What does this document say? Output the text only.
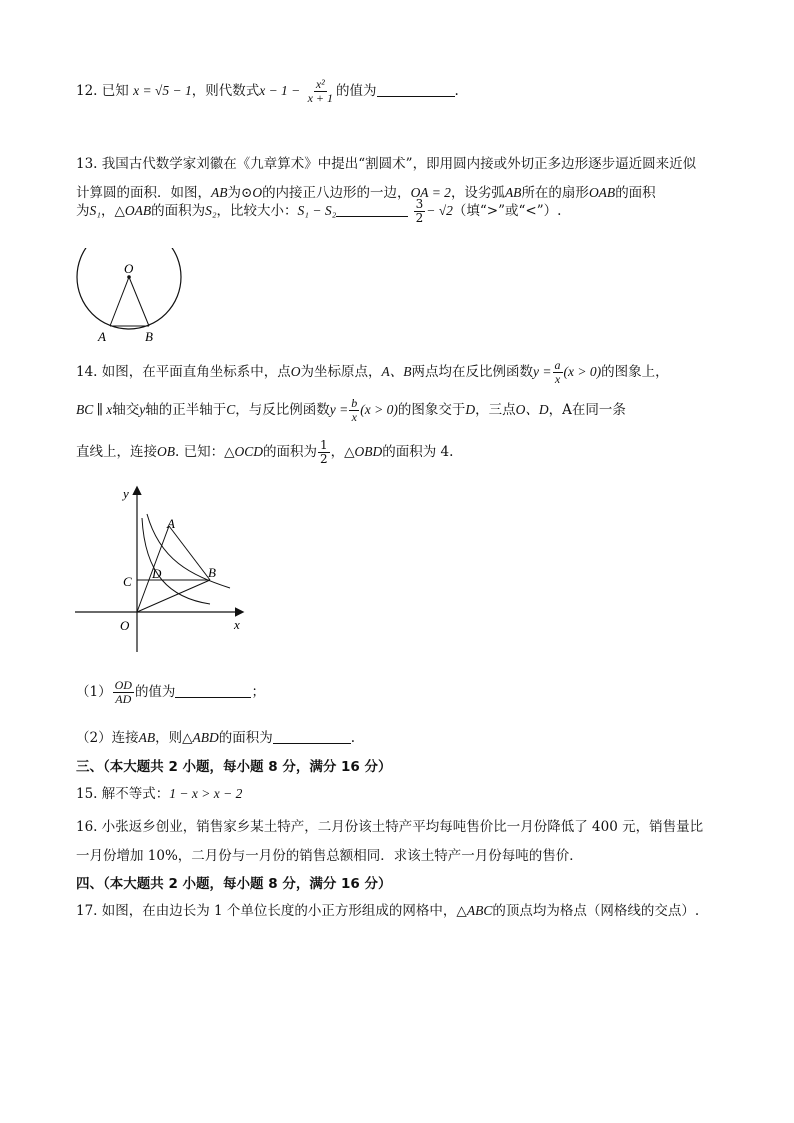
12. 已知 x = √5 − 1，则代数式$x - 1 - \frac{\text{x²}}{x + 1}$ 的值为	.
13. 我国古代数学家刘徽在《九章算术》中提出“割圆术”，即用圆内接或外切正多边形逐步逼近圆来近似
计算圆的面积．如图，AB为⊙O的内接正八边形的一边，OA = 2，设劣弧AB所在的扇形OAB的面积
为S₁，△OAB的面积为S₂，比较大小：S₁ − S₂	$\frac{3}{2} - √2$（填“>”或“<”）.
O
A	B
14. 如图，在平面直角坐标系中，点O为坐标原点，A、B两点均在反比例函数$y = \frac{a}{x} (x > 0)$的图象上，
BC ∥ x轴交y轴的正半轴于C，与反比例函数$y = \frac{b}{x} (x > 0)$的图象交于D，三点O、D，A在同一条
直线上，连接OB. 已知：△OCD的面积为 $\frac{1}{2}$ ，△OBD的面积为 4.
y
x
O
A
B
C
D
$(1) \frac{OD}{AD}$ 的值为	；
（2）连接AB，则△ABD的面积为	.
三、（本大题共 2 小题，每小题 8 分，满分 16 分）
15. 解不等式：1 − x > x − 2
16. 小张返乡创业，销售家乡某土特产，二月份该土特产平均每吨售价比一月份降低了 400 元，销售量比
一月份增加 10%，二月份与一月份的销售总额相同．求该土特产一月份每吨的售价．
四、（本大题共 2 小题，每小题 8 分，满分 16 分）
17. 如图，在由边长为 1 个单位长度的小正方形组成的网格中，△ABC的顶点均为格点（网格线的交点）.
